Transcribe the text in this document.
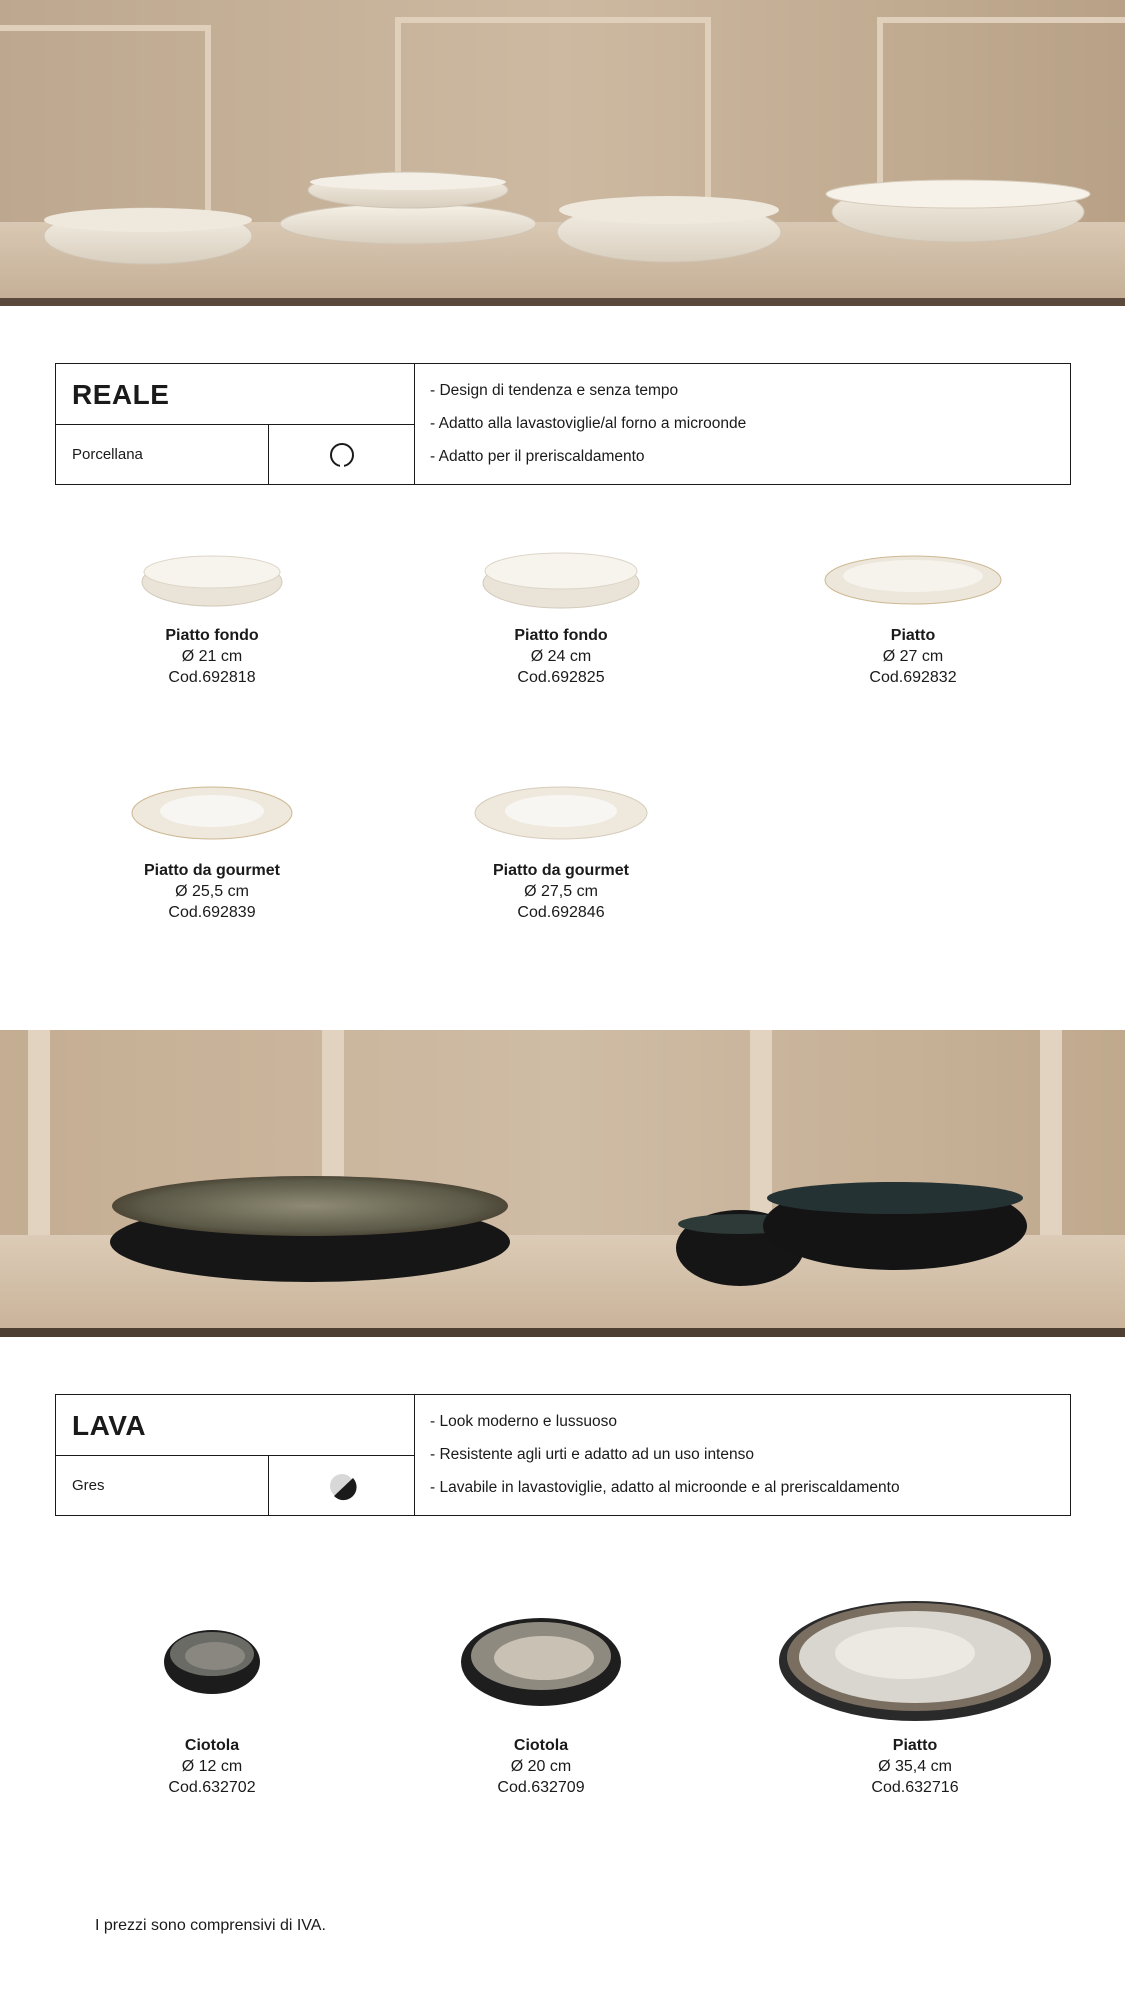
REALE
Porcellana
- Design di tendenza e senza tempo
- Adatto alla lavastoviglie/al forno a microonde
- Adatto per il preriscaldamento
Piatto fondo
Ø 21 cm
Cod.692818
Piatto fondo
Ø 24 cm
Cod.692825
Piatto
Ø 27 cm
Cod.692832
Piatto da gourmet
Ø 25,5 cm
Cod.692839
Piatto da gourmet
Ø 27,5 cm
Cod.692846
LAVA
Gres
- Look moderno e lussuoso
- Resistente agli urti e adatto ad un uso intenso
- Lavabile in lavastoviglie, adatto al microonde e al preriscaldamento
Ciotola
Ø 12 cm
Cod.632702
Ciotola
Ø 20 cm
Cod.632709
Piatto
Ø 35,4 cm
Cod.632716
I prezzi sono comprensivi di IVA.
